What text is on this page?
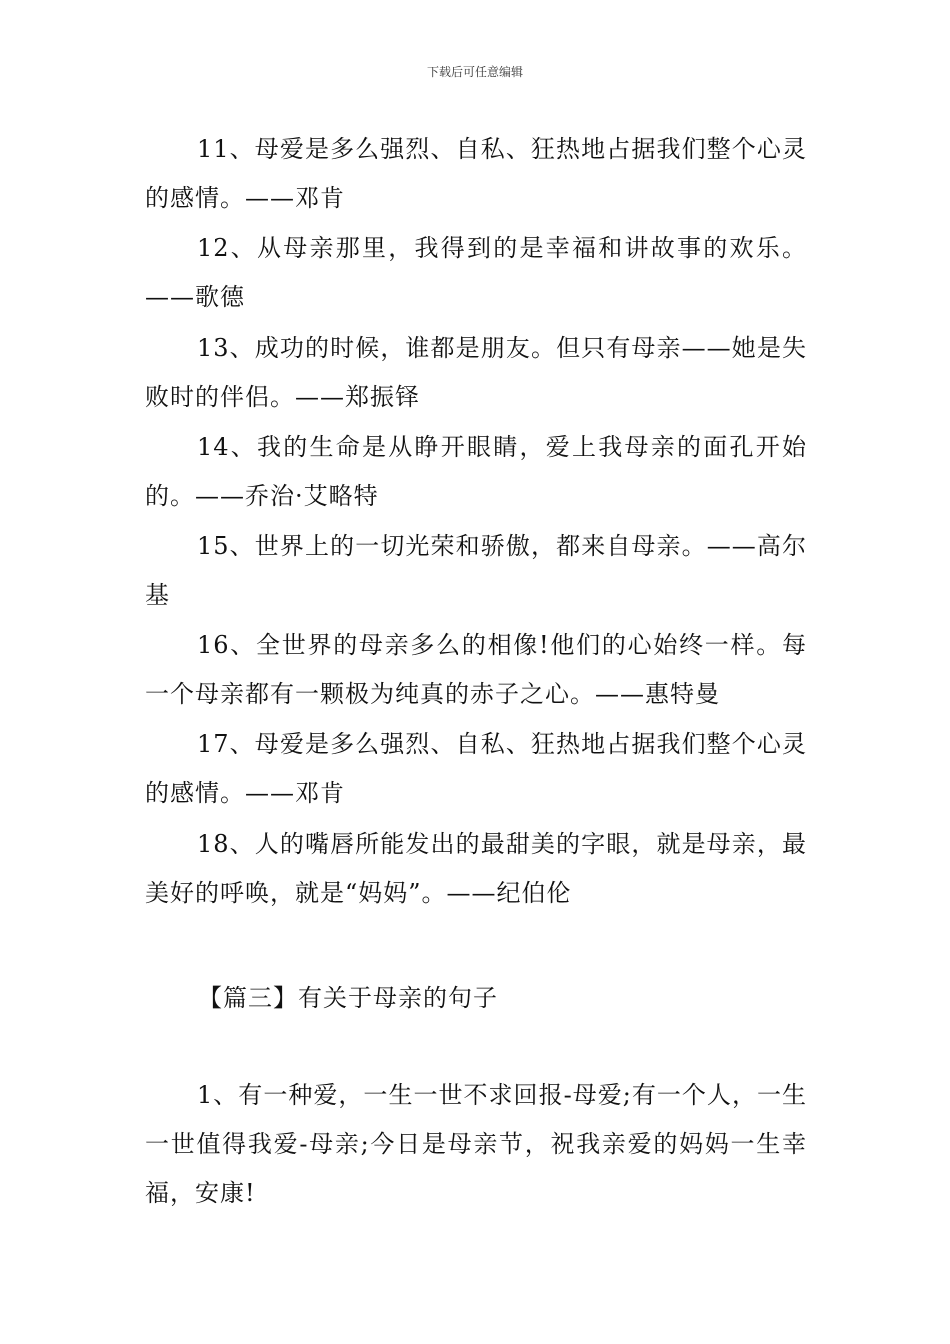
下载后可任意编辑

11、母爱是多么强烈、自私、狂热地占据我们整个心灵的感情。——邓肯

12、从母亲那里，我得到的是幸福和讲故事的欢乐。——歌德

13、成功的时候，谁都是朋友。但只有母亲——她是失败时的伴侣。——郑振铎

14、我的生命是从睁开眼睛，爱上我母亲的面孔开始的。——乔治·艾略特

15、世界上的一切光荣和骄傲，都来自母亲。——高尔基

16、全世界的母亲多么的相像!他们的心始终一样。每一个母亲都有一颗极为纯真的赤子之心。——惠特曼

17、母爱是多么强烈、自私、狂热地占据我们整个心灵的感情。——邓肯

18、人的嘴唇所能发出的最甜美的字眼，就是母亲，最美好的呼唤，就是“妈妈”。——纪伯伦

【篇三】有关于母亲的句子

1、有一种爱，一生一世不求回报-母爱;有一个人，一生一世值得我爱-母亲;今日是母亲节，祝我亲爱的妈妈一生幸福，安康!
